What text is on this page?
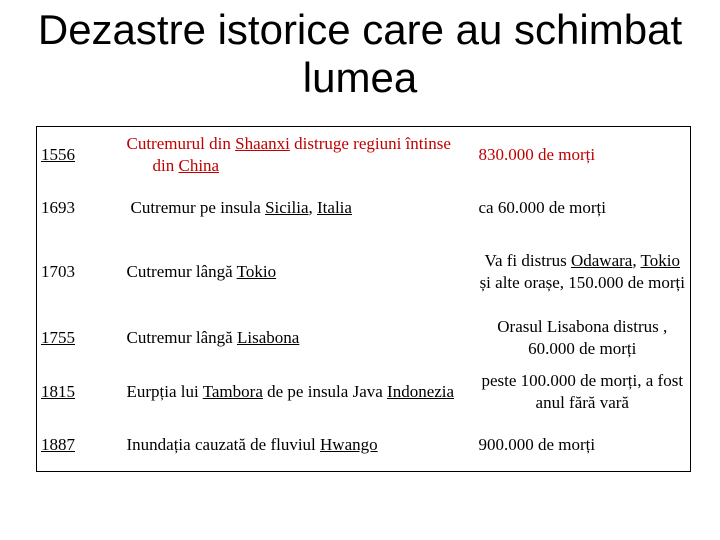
Dezastre istorice care au schimbat
lumea
1556	Cutremurul din Shaanxi distruge regiuni întinse din China	830.000 de morți
1693	Cutremur pe insula Sicilia, Italia	ca 60.000 de morți
1703	Cutremur lângă Tokio	Va fi distrus Odawara, Tokio și alte orașe, 150.000 de morți

1755	Cutremur lângă Lisabona	Orasul Lisabona distrus , 60.000 de morți

1815	Eurpția lui Tambora de pe insula Java Indonezia	peste 100.000 de morți, a fost anul fără vară

1887	Inundația cauzată de fluviul Hwango	900.000 de morți
